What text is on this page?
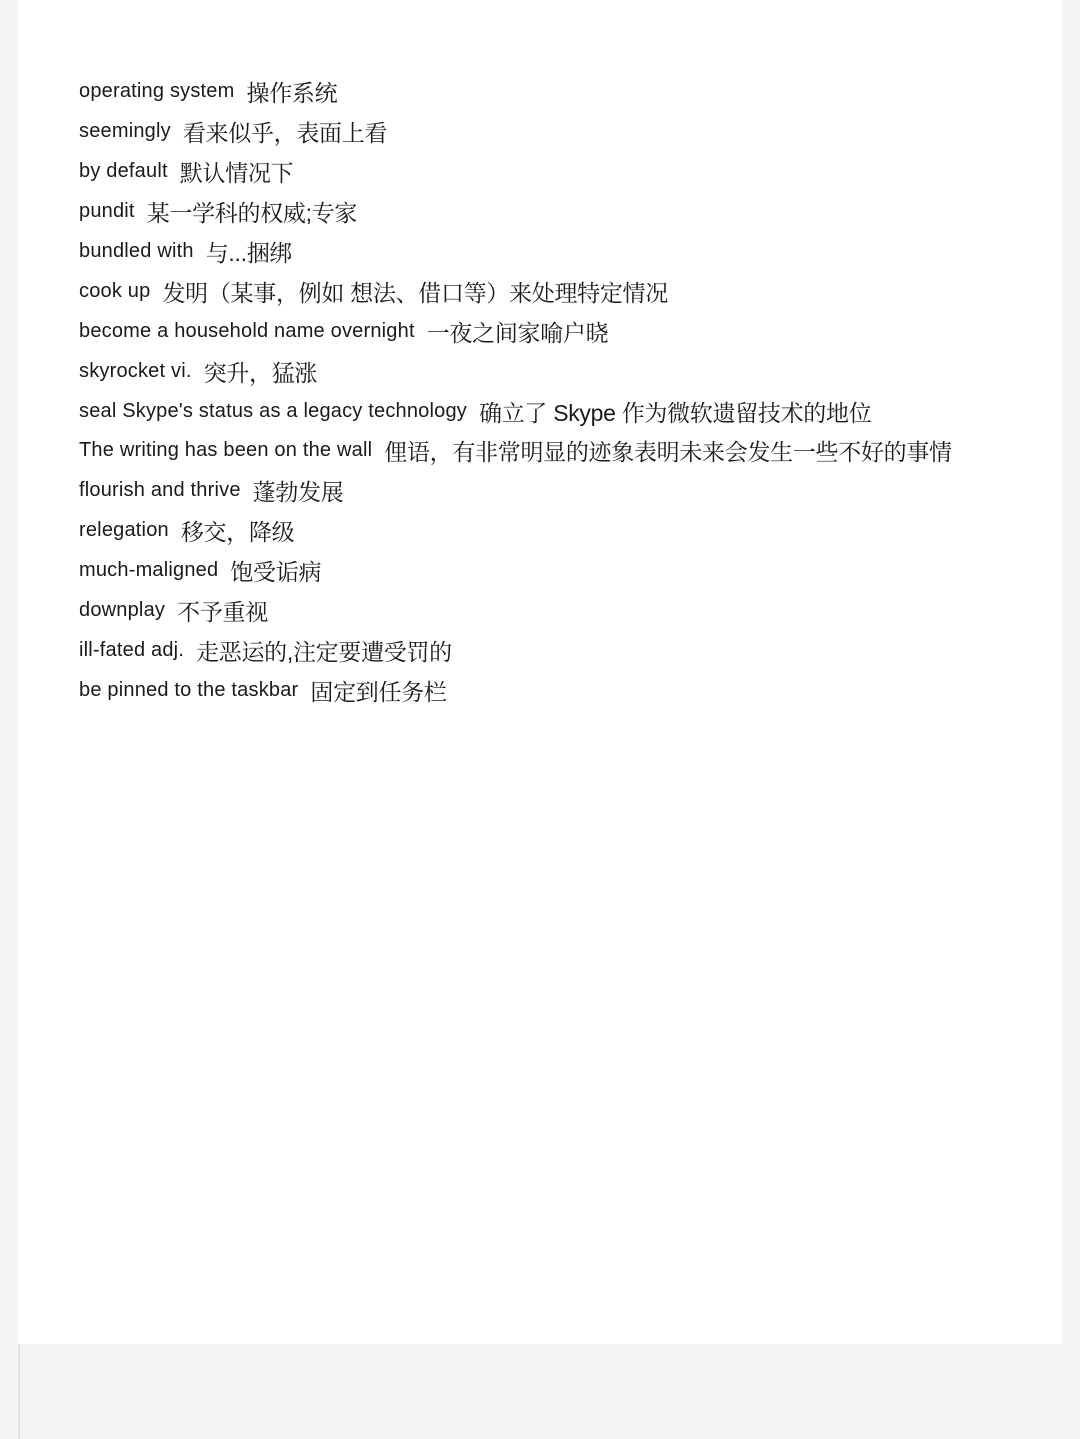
operating system 操作系统
seemingly 看来似乎，表面上看
by default 默认情况下
pundit 某一学科的权威;专家
bundled with 与...捆绑
cook up 发明（某事，例如 想法、借口等）来处理特定情况
become a household name overnight 一夜之间家喻户晓
skyrocket vi. 突升，猛涨
seal Skype's status as a legacy technology 确立了 Skype 作为微软遗留技术的地位
The writing has been on the wall 俚语，有非常明显的迹象表明未来会发生一些不好的事情
flourish and thrive 蓬勃发展
relegation 移交，降级
much-maligned 饱受诟病
downplay 不予重视
ill-fated adj. 走恶运的,注定要遭受罚的
be pinned to the taskbar 固定到任务栏
